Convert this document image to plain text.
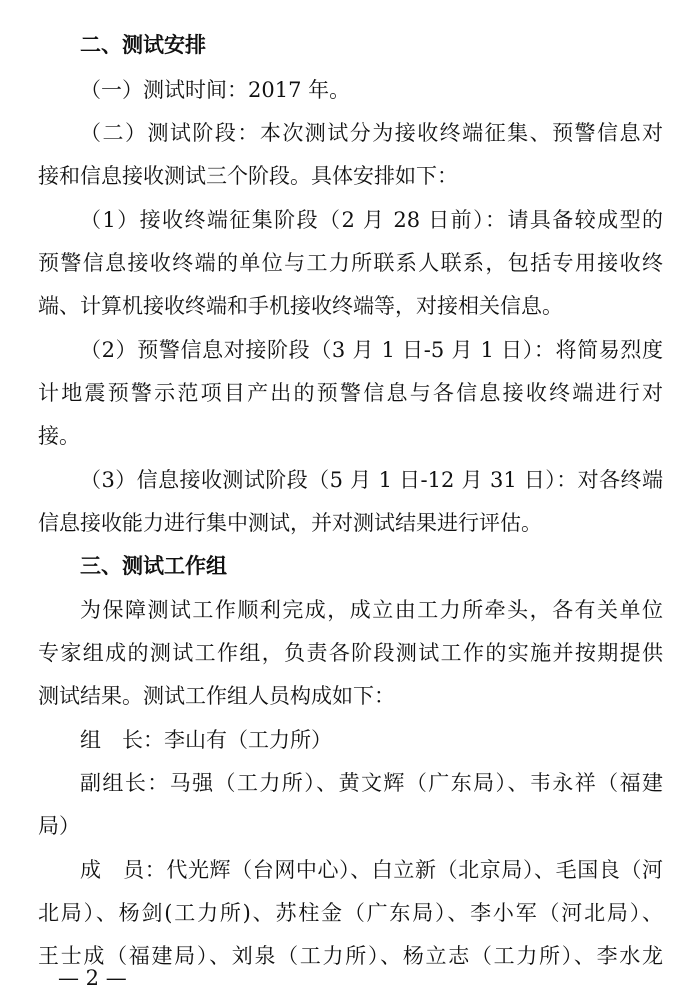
二、测试安排
（一）测试时间：2017 年。
（二）测试阶段：本次测试分为接收终端征集、预警信息对
接和信息接收测试三个阶段。具体安排如下：
（1）接收终端征集阶段（2 月 28 日前）：请具备较成型的
预警信息接收终端的单位与工力所联系人联系，包括专用接收终
端、计算机接收终端和手机接收终端等，对接相关信息。
（2）预警信息对接阶段（3 月 1 日-5 月 1 日）：将简易烈度
计地震预警示范项目产出的预警信息与各信息接收终端进行对
接。
（3）信息接收测试阶段（5 月 1 日-12 月 31 日）：对各终端
信息接收能力进行集中测试，并对测试结果进行评估。
三、测试工作组
为保障测试工作顺利完成，成立由工力所牵头，各有关单位
专家组成的测试工作组，负责各阶段测试工作的实施并按期提供
测试结果。测试工作组人员构成如下：
组　长：李山有（工力所）
副组长：马强（工力所）、黄文辉（广东局）、韦永祥（福建
局）
成　员：代光辉（台网中心）、白立新（北京局）、毛国良（河
北局）、杨剑(工力所)、苏柱金（广东局）、李小军（河北局）、
王士成（福建局）、刘泉（工力所）、杨立志（工力所）、李水龙
— 2 —
